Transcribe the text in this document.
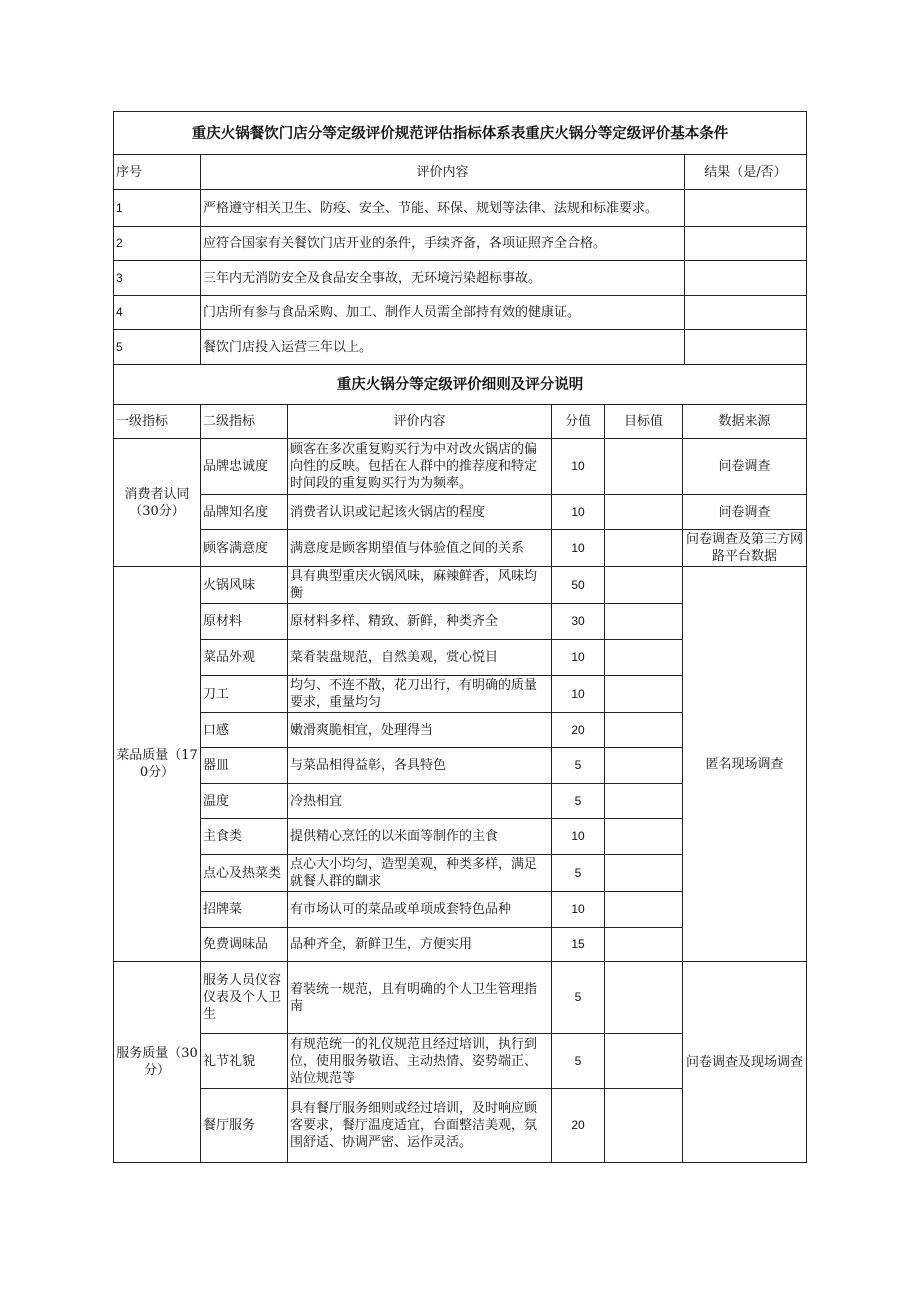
重庆火锅餐饮门店分等定级评价规范评估指标体系表重庆火锅分等定级评价基本条件		
序号	评价内容	结果（是/否）
1	严格遵守相关卫生、防疫、安全、节能、环保、规划等法律、法规和标准要求。	
2	应符合国家有关餐饮门店开业的条件，手续齐备，各项证照齐全合格。	
3	三年内无消防安全及食品安全事故，无环境污染超标事故。	
4	门店所有参与食品采购、加工、制作人员需全部持有效的健康证。	
5	餐饮门店投入运营三年以上。	
重庆火锅分等定级评价细则及评分说明					
一级指标	二级指标	评价内容	分值	目标值	数据来源
消费者认同（30分）	品牌忠诚度	顾客在多次重复购买行为中对改火锅店的偏向性的反映。包括在人群中的推荐度和特定时间段的重复购买行为为频率。	10		问卷调查
	品牌知名度	消费者认识或记起该火锅店的程度	10		问卷调查
	顾客满意度	满意度是顾客期望值与体验值之间的关系	10		问卷调查及第三方网路平台数据
菜品质量（170分）	火锅风味	具有典型重庆火锅风味，麻辣鲜香，风味均衡	50		匿名现场调查
	原材料	原材料多样、精致、新鲜，种类齐全	30		
	菜品外观	菜肴装盘规范，自然美观，赏心悦目	10		
	刀工	均匀、不连不散，花刀出行，有明确的质量要求，重量均匀	10		
	口感	嫩滑爽脆相宜，处理得当	20		
	器皿	与菜品相得益彰，各具特色	5		
	温度	冷热相宜	5		
	主食类	提供精心烹饪的以米面等制作的主食	10		
	点心及热菜类	点心大小均匀，造型美观，种类多样，满足就餐人群的瞓求	5		
	招牌菜	有市场认可的菜品或单项成套特色品种	10		
	免费调味品	品种齐全，新鲜卫生，方便实用	15		
服务质量（30分）	服务人员仪容仪表及个人卫生	着装统一规范，且有明确的个人卫生管理指南	5		问卷调查及现场调查
	礼节礼貌	有规范统一的礼仪规范且经过培训，执行到位，使用服务敬语、主动热情、姿势端正、站位规范等	5		
	餐厅服务	具有餐厅服务细则或经过培训，及时响应顾客要求，餐厅温度适宜，台面整洁美观，氛围舒适、协调严密、运作灵活。	20		
